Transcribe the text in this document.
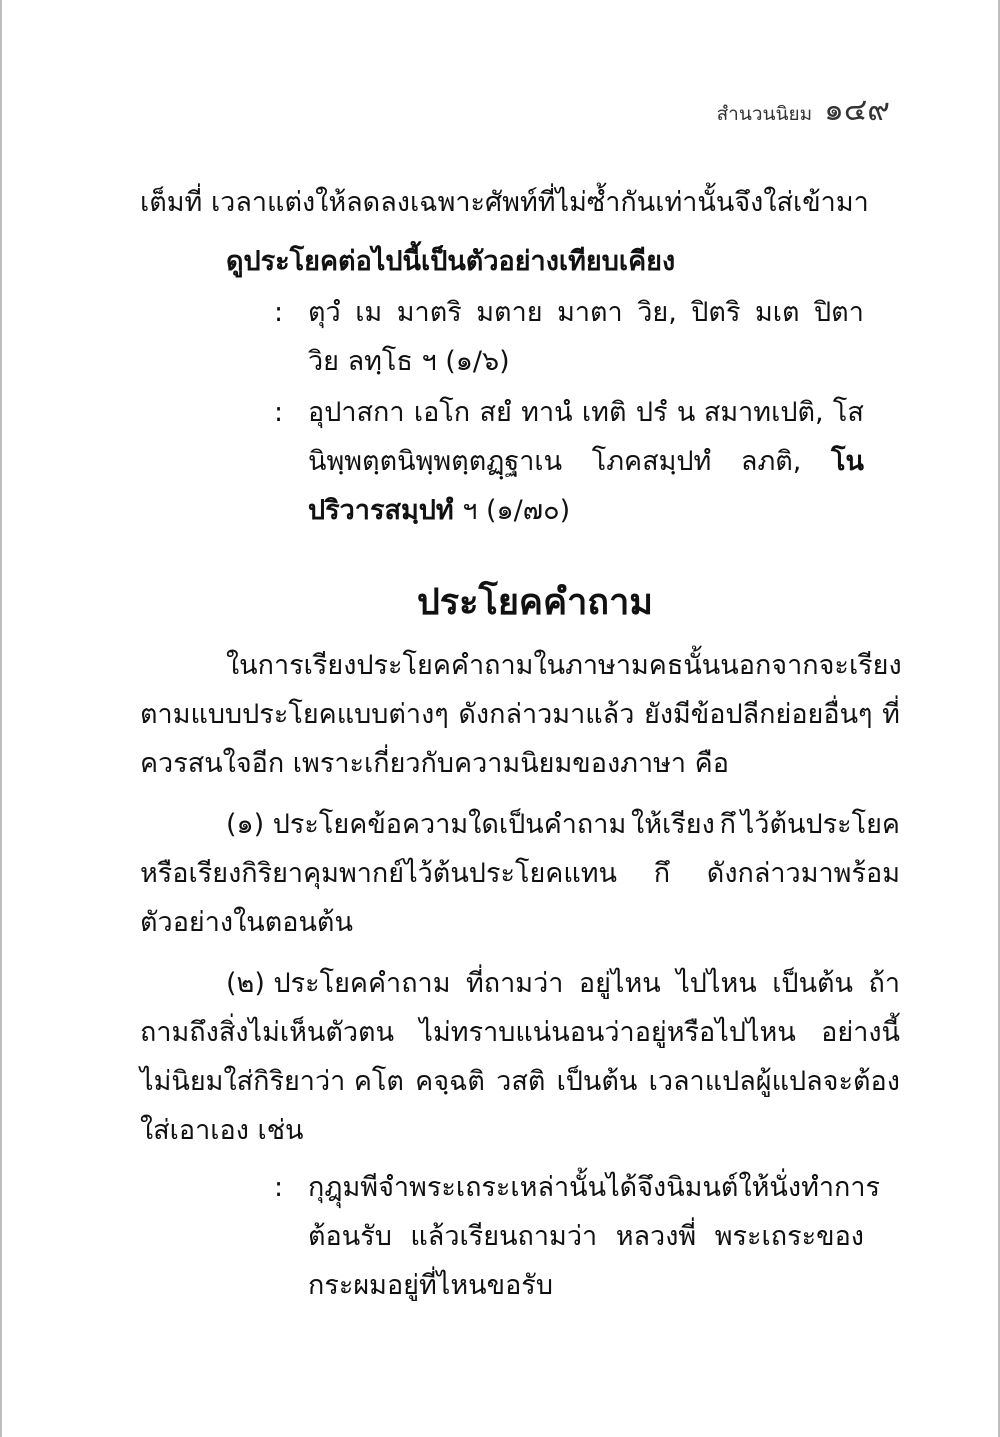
สำนวนนิยม ๑๔๙
เต็มที่ เวลาแต่งให้ลดลงเฉพาะศัพท์ที่ไม่ซ้ำกันเท่านั้นจึงใส่เข้ามา
ดูประโยคต่อไปนี้เป็นตัวอย่างเทียบเคียง
: ตุวํ เม มาตริ มตาย มาตา วิย, ปิตริ มเต ปิตา
วิย ลทฺโธ ฯ (๑/๖)
: อุปาสกา เอโก สยํ ทานํ เทติ ปรํ น สมาทเปติ, โส
นิพฺพตฺตนิพฺพตฺตฏฺฐาเน โภคสมฺปทํ ลภติ, โน
ปริวารสมฺปทํ ฯ (๑/๗๐)
ประโยคคำถาม
ในการเรียงประโยคคำถามในภาษามคธนั้น นอกจากจะเรียง
ตามแบบประโยคแบบต่างๆ ดังกล่าวมาแล้ว ยังมีข้อปลีกย่อยอื่นๆ ที่
ควรสนใจอีก เพราะเกี่ยวกับความนิยมของภาษา คือ
(๑) ประโยคข้อความใดเป็นคำถาม ให้เรียง กึ ไว้ต้นประโยค
หรือเรียงกิริยาคุมพากย์ไว้ต้นประโยคแทน กึ ดังกล่าวมาพร้อม
ตัวอย่างในตอนต้น
(๒) ประโยคคำถาม ที่ถามว่า อยู่ไหน ไปไหน เป็นต้น ถ้า
ถามถึงสิ่งไม่เห็นตัวตน ไม่ทราบแน่นอนว่าอยู่หรือไปไหน อย่างนี้
ไม่นิยมใส่กิริยาว่า คโต คจฺฉติ วสติ เป็นต้น เวลาแปลผู้แปลจะต้อง
ใส่เอาเอง เช่น
: กุฎุมพีจำพระเถระเหล่านั้นได้ จึงนิมนต์ให้นั่ง ทำการ
ต้อนรับ แล้วเรียนถามว่า หลวงพี่ พระเถระของ
กระผมอยู่ที่ไหนขอรับ
